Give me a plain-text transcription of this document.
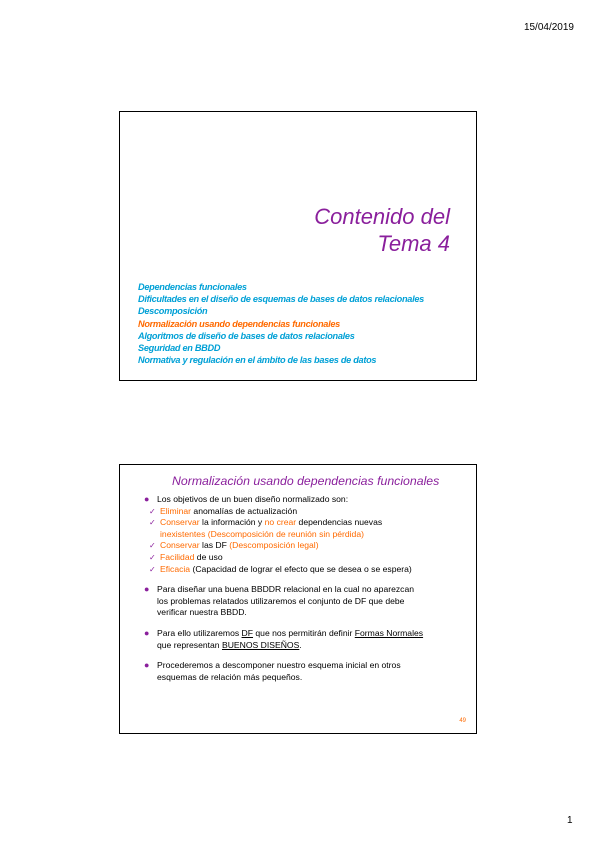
15/04/2019
Contenido del
Tema 4
Dependencias funcionales
Dificultades en el diseño de esquemas de bases de datos relacionales
Descomposición
Normalización usando dependencias funcionales
Algoritmos de diseño de bases de datos relacionales
Seguridad en BBDD
Normativa y regulación en el ámbito de las bases de datos
Normalización usando dependencias funcionales
● Los objetivos de un buen diseño normalizado son:
✓ Eliminar anomalías de actualización
✓ Conservar la información y no crear dependencias nuevas
inexistentes (Descomposición de reunión sin pérdida)
✓ Conservar las DF (Descomposición legal)
✓ Facilidad de uso
✓ Eficacia (Capacidad de lograr el efecto que se desea o se espera)
● Para diseñar una buena BBDDR relacional en la cual no aparezcan
los problemas relatados utilizaremos el conjunto de DF que debe
verificar nuestra BBDD.
● Para ello utilizaremos DF que nos permitirán definir Formas Normales
que representan BUENOS DISEÑOS.
● Procederemos a descomponer nuestro esquema inicial en otros
esquemas de relación más pequeños.
49
1
